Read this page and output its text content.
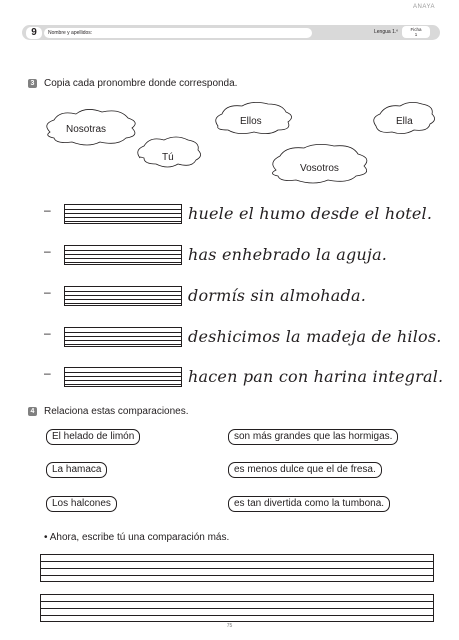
ANAYA
9	Nombre y apellidos:	Lengua 1.º	Ficha
1
3 Copia cada pronombre donde corresponda.
Nosotras
Ellos	Ella
Tú
Vosotros
–	huele el humo desde el hotel.
–	has enhebrado la aguja.
–	dormís sin almohada.
–	deshicimos la madeja de hilos.
–	hacen pan con harina integral.
4 Relaciona estas comparaciones.
El helado de limón
La hamaca
Los halcones
son más grandes que las hormigas.
es menos dulce que el de fresa.
es tan divertida como la tumbona.
• Ahora, escribe tú una comparación más.
75
